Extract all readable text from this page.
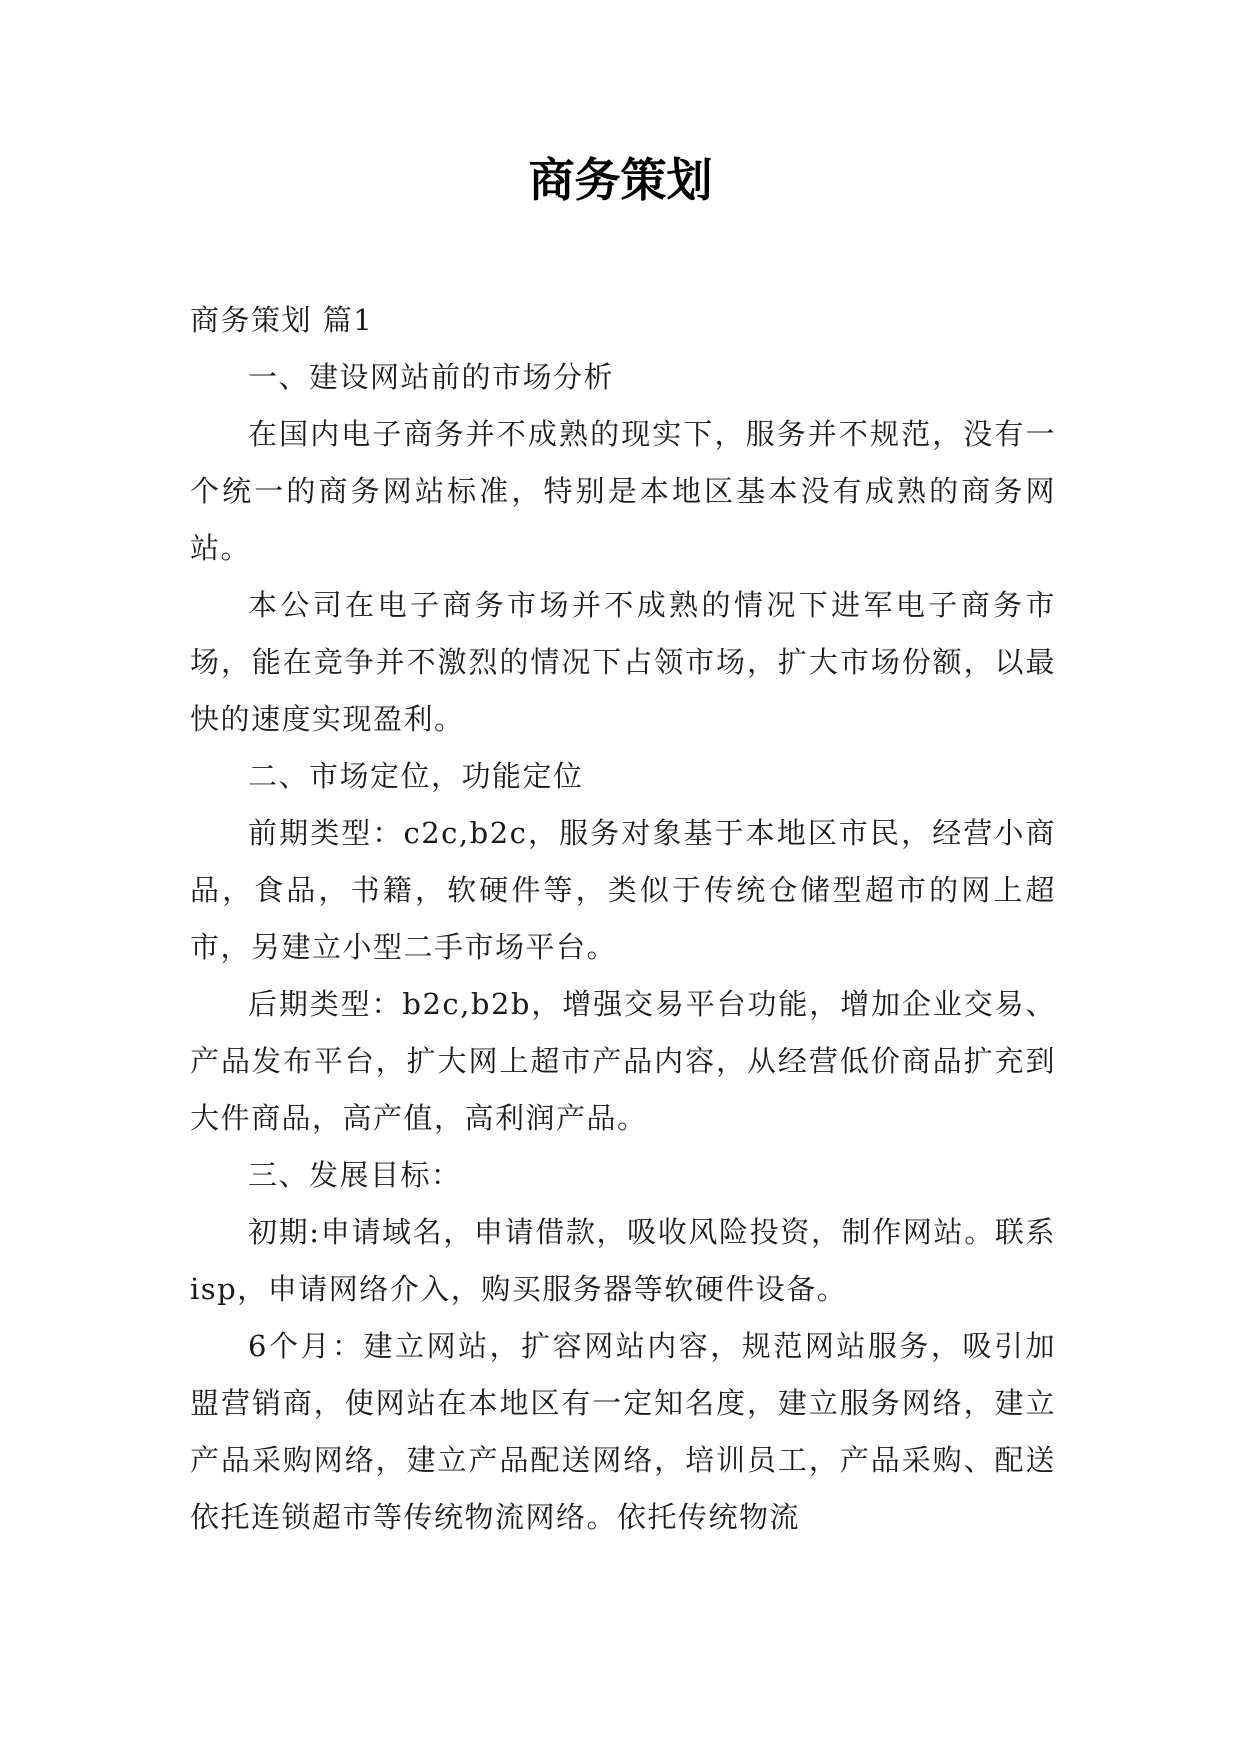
商务策划

商务策划 篇1

一、建设网站前的市场分析

在国内电子商务并不成熟的现实下，服务并不规范，没有一个统一的商务网站标准，特别是本地区基本没有成熟的商务网站。

本公司在电子商务市场并不成熟的情况下进军电子商务市场，能在竞争并不激烈的情况下占领市场，扩大市场份额，以最快的速度实现盈利。

二、市场定位，功能定位

前期类型：c2c,b2c，服务对象基于本地区市民，经营小商品，食品，书籍，软硬件等，类似于传统仓储型超市的网上超市，另建立小型二手市场平台。

后期类型：b2c,b2b，增强交易平台功能，增加企业交易、产品发布平台，扩大网上超市产品内容，从经营低价商品扩充到大件商品，高产值，高利润产品。

三、发展目标：

初期:申请域名，申请借款，吸收风险投资，制作网站。联系isp，申请网络介入，购买服务器等软硬件设备。

6个月：建立网站，扩容网站内容，规范网站服务，吸引加盟营销商，使网站在本地区有一定知名度，建立服务网络，建立产品采购网络，建立产品配送网络，培训员工，产品采购、配送依托连锁超市等传统物流网络。依托传统物流
